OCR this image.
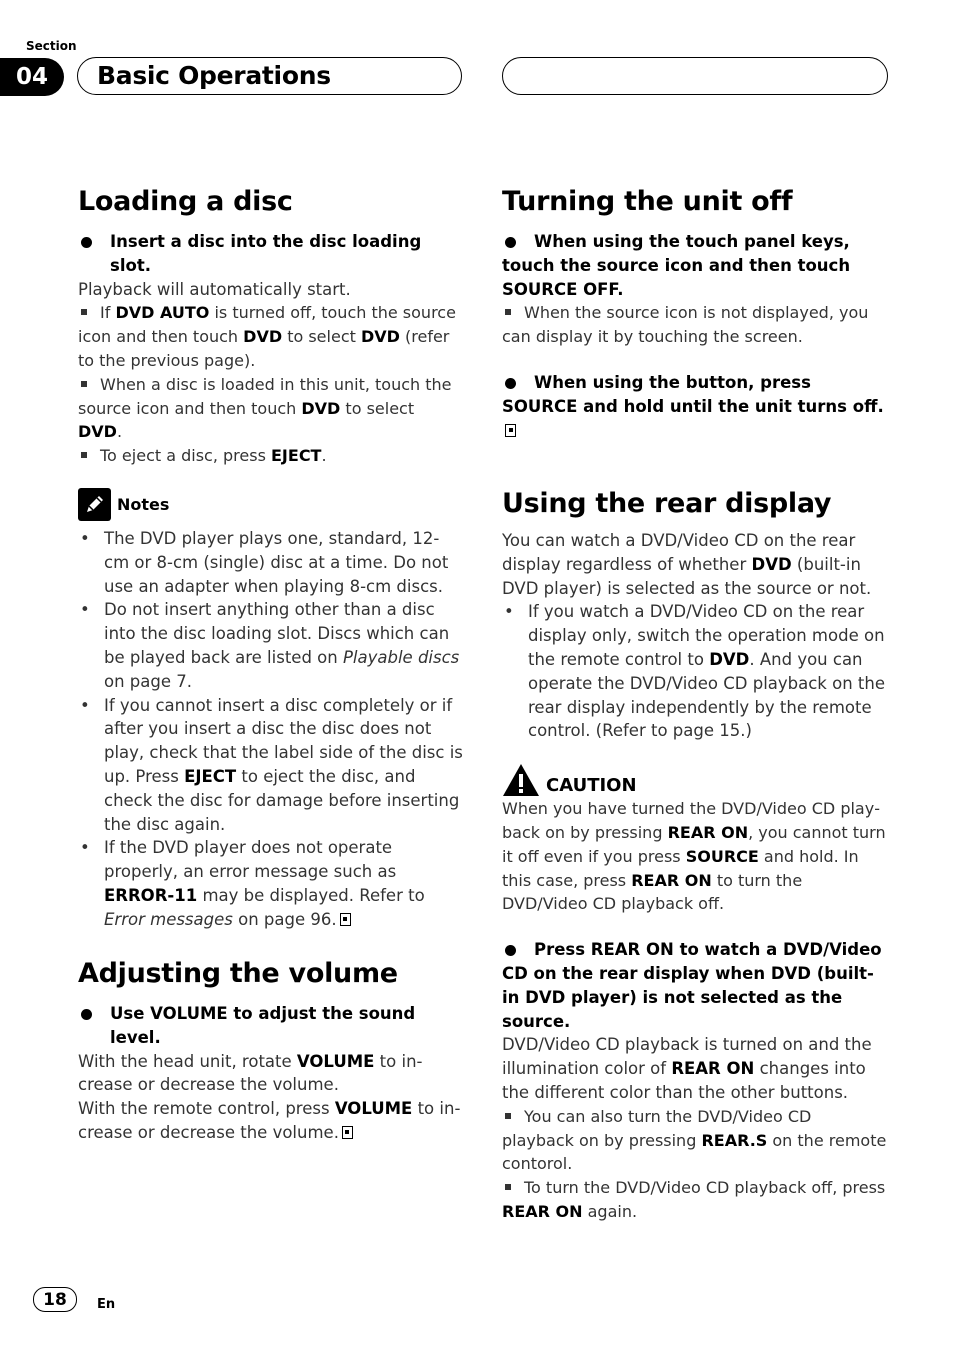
Section
04	Basic Operations
Loading a disc

Insert a disc into the disc loading slot.

Playback will automatically start.

If DVD AUTO is turned off, touch the source icon and then touch DVD to select DVD (refer to the previous page).

When a disc is loaded in this unit, touch the source icon and then touch DVD to select DVD.

To eject a disc, press EJECT.

Notes
• The DVD player plays one, standard, 12-cm or 8-cm (single) disc at a time. Do not use an adapter when playing 8-cm discs.
• Do not insert anything other than a disc into the disc loading slot. Discs which can be played back are listed on Playable discs on page 7.
• If you cannot insert a disc completely or if after you insert a disc the disc does not play, check that the label side of the disc is up. Press EJECT to eject the disc, and check the disc for damage before inserting the disc again.
• If the DVD player does not operate properly, an error message such as ERROR-11 may be displayed. Refer to Error messages on page 96.
Adjusting the volume

Use VOLUME to adjust the sound level.

With the head unit, rotate VOLUME to increase or decrease the volume.

With the remote control, press VOLUME to increase or decrease the volume.

Turning the unit off

When using the touch panel keys, touch the source icon and then touch SOURCE OFF.

When the source icon is not displayed, you can display it by touching the screen.

When using the button, press SOURCE and hold until the unit turns off.

Using the rear display

You can watch a DVD/Video CD on the rear display regardless of whether DVD (built-in DVD player) is selected as the source or not.

• If you watch a DVD/Video CD on the rear display only, switch the operation mode on the remote control to DVD. And you can operate the DVD/Video CD playback on the rear display independently by the remote control. (Refer to page 15.)
CAUTION

When you have turned the DVD/Video CD playback on by pressing REAR ON, you cannot turn it off even if you press SOURCE and hold. In this case, press REAR ON to turn the DVD/Video CD playback off.

Press REAR ON to watch a DVD/Video CD on the rear display when DVD (built-in DVD player) is not selected as the source.

DVD/Video CD playback is turned on and the illumination color of REAR ON changes into the different color than the other buttons.

You can also turn the DVD/Video CD playback on by pressing REAR.S on the remote contorol.

To turn the DVD/Video CD playback off, press REAR ON again.

18	En
